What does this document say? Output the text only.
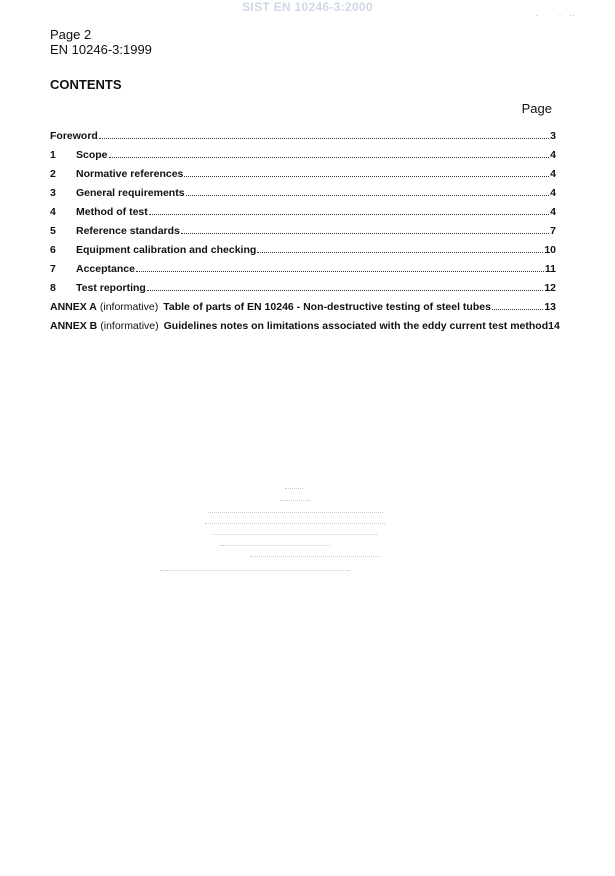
SIST EN 10246-3:2000
·        ·   ··
Page 2
EN 10246-3:1999
CONTENTS
Page
Foreword	3
1	Scope	4
2	Normative references	4
3	General requirements	4
4	Method of test	4
5	Reference standards	7
6	Equipment calibration and checking	10
7	Acceptance	11
8	Test reporting	12
ANNEX A (informative) Table of parts of EN 10246 - Non-destructive testing of steel tubes	13
ANNEX B (informative) Guidelines notes on limitations associated with the eddy current test method 14
